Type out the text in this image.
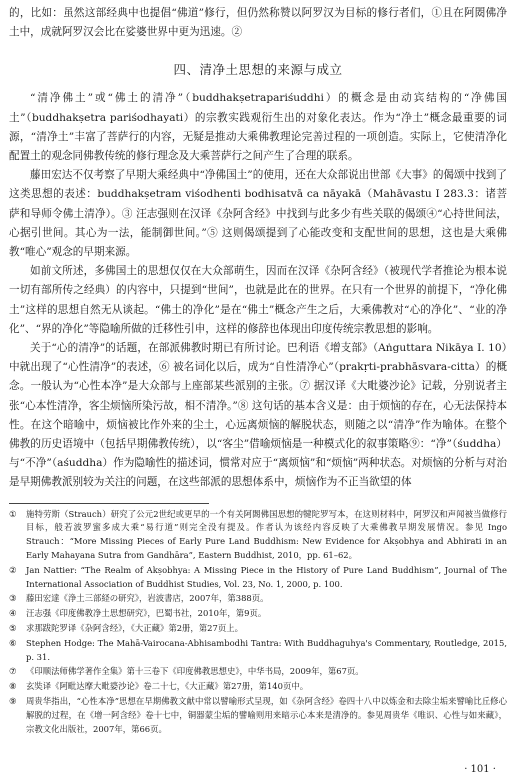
的，比如：虽然这部经典中也提倡“佛道”修行，但仍然称赞以阿罗汉为目标的修行者们，①且在阿閦佛净土中，成就阿罗汉会比在娑婆世界中更为迅速。②

四、清净土思想的来源与成立

“清净佛土”或“佛土的清净”（buddhakṣetrapariśuddhi）的概念是由动宾结构的“净佛国土”（buddhakṣetra pariśodhayati）的宗教实践观衍生出的对象化表达。作为“净土”概念最重要的词源，“清净土”丰富了菩萨行的内容，无疑是推动大乘佛教理论完善过程的一项创造。实际上，它使清净化配置土的观念同佛教传统的修行理念及大乘菩萨行之间产生了合理的联系。

藤田宏达不仅考察了早期大乘经典中“净佛国土”的使用，还在大众部说出世部《大事》的偈颂中找到了这类思想的表述：buddhakṣetram viśodhenti bodhisatvā ca nāyakā（Mahāvastu I 283.3：诸菩萨和导师令佛土清净）。③ 汪志强则在汉译《杂阿含经》中找到与此多少有些关联的偈颂④“心持世间法，心据引世间。其心为一法，能制御世间。”⑤ 这则偈颂提到了心能改变和支配世间的思想，这也是大乘佛教“唯心”观念的早期来源。

如前文所述，多佛国土的思想仅仅在大众部萌生，因而在汉译《杂阿含经》（被现代学者推论为根本说一切有部所传之经典）的内容中，只提到“世间”，也就是此在的世界。在只有一个世界的前提下，“净化佛土”这样的思想自然无从谈起。“佛土的净化”是在“佛土”概念产生之后，大乘佛教对“心的净化”、“业的净化”、“界的净化”等隐喻所做的迁移性引申，这样的修辞也体现出印度传统宗教思想的影响。

关于“心的清净”的话题，在部派佛教时期已有所讨论。巴利语《增支部》（Aṅguttara Nikāya I. 10）中就出现了“心性清净”的表述，⑥ 被名词化以后，成为“自性清净心”（prakṛti-prabhāsvara-citta）的概念。一般认为“心性本净”是大众部与上座部某些派别的主张。⑦ 据汉译《大毗婆沙论》记载，分别说者主张“心本性清净，客尘烦恼所染污故，相不清净。”⑧ 这句话的基本含义是：由于烦恼的存在，心无法保持本性。在这个暗喻中，烦恼被比作外来的尘土，心远离烦恼的解脱状态，则随之以“清净”作为喻体。在整个佛教的历史语境中（包括早期佛教传统），以“客尘”借喻烦恼是一种模式化的叙事策略⑨：“净”（śuddha）与“不净”（aśuddha）作为隐喻性的描述词，惯常对应于“离烦恼”和“烦恼”两种状态。对烦恼的分析与对治是早期佛教派别较为关注的问题，在这些部派的思想体系中，烦恼作为不正当欲望的体

①	施特劳斯（Strauch）研究了公元2世纪或更早的一个有关阿閦佛国思想的犍陀罗写本，在这则材料中，阿罗汉和声闻被当做修行目标，般若波罗蜜多成大乘“易行道”则完全没有提及。作者认为该经内容反映了大乘佛教早期发展情况。参见 Ingo Strauch：“More Missing Pieces of Early Pure Land Buddhism: New Evidence for Akṣobhya and Abhirati in an Early Mahayana Sutra from Gandhāra”, Eastern Buddhist, 2010，pp. 61–62。
②	Jan Nattier: “The Realm of Akṣobhya: A Missing Piece in the History of Pure Land Buddhism”, Journal of The International Association of Buddhist Studies, Vol. 23, No. 1, 2000, p. 100.
③	藤田宏達《浄土三部経の研究》，岩波書店，2007年，第388页。
④	汪志强《印度佛教净土思想研究》，巴蜀书社，2010年，第9页。
⑤	求那跋陀罗译《杂阿含经》，《大正藏》第2册，第27页上。
⑥	Stephen Hodge: The Mahā-Vairocana-Abhisambodhi Tantra: With Buddhaguhya's Commentary, Routledge, 2015, p. 31.
⑦	《印顺法师佛学著作全集》第十三卷下《印度佛教思想史》，中华书局，2009年，第67页。
⑧	玄奘译《阿毗达摩大毗婆沙论》卷二十七，《大正藏》第27册，第140页中。
⑨	周贵华指出，“心性本净”思想在早期佛教文献中常以譬喻形式呈现，如《杂阿含经》卷四十八中以炼金和去除尘垢来譬喻比丘修心解脱的过程，在《增一阿含经》卷十七中，铜器蒙尘垢的譬喻则用来暗示心本来是清净的。参见周贵华《唯识、心性与如来藏》，宗教文化出版社，2007年，第66页。
· 101 ·
